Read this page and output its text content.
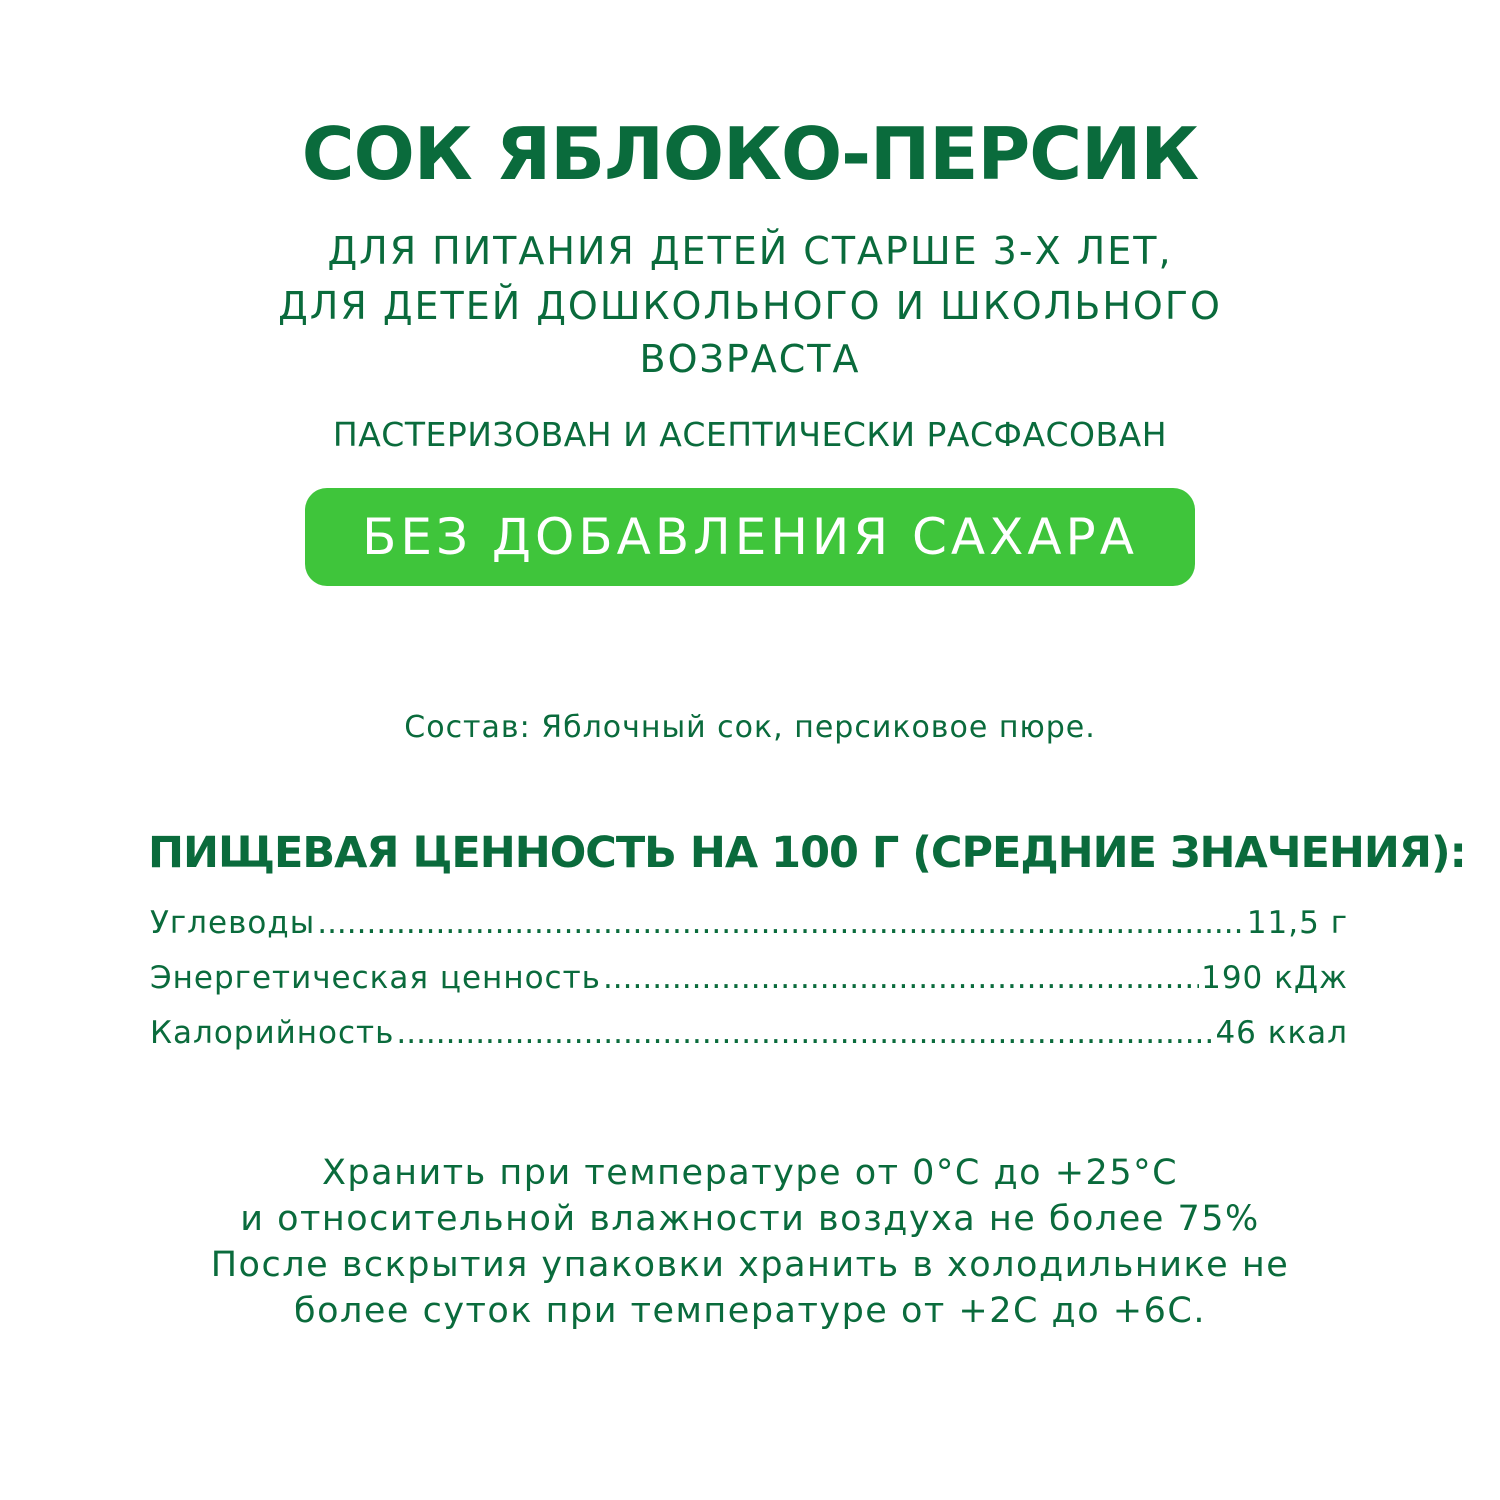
СОК ЯБЛОКО-ПЕРСИК
ДЛЯ ПИТАНИЯ ДЕТЕЙ СТАРШЕ 3-Х ЛЕТ,
ДЛЯ ДЕТЕЙ ДОШКОЛЬНОГО И ШКОЛЬНОГО
ВОЗРАСТА
ПАСТЕРИЗОВАН И АСЕПТИЧЕСКИ РАСФАСОВАН
БЕЗ ДОБАВЛЕНИЯ САХАРА
Состав: Яблочный сок, персиковое пюре.
ПИЩЕВАЯ ЦЕННОСТЬ НА 100 Г (СРЕДНИЕ ЗНАЧЕНИЯ):
Углеводы .....	11,5 г
Энергетическая ценность .....	190 кДж
Калорийность .....	46 ккал
Хранить при температуре от 0°С до +25°С
и относительной влажности воздуха не более 75%
После вскрытия упаковки хранить в холодильнике не
более суток при температуре от +2С до +6С.
